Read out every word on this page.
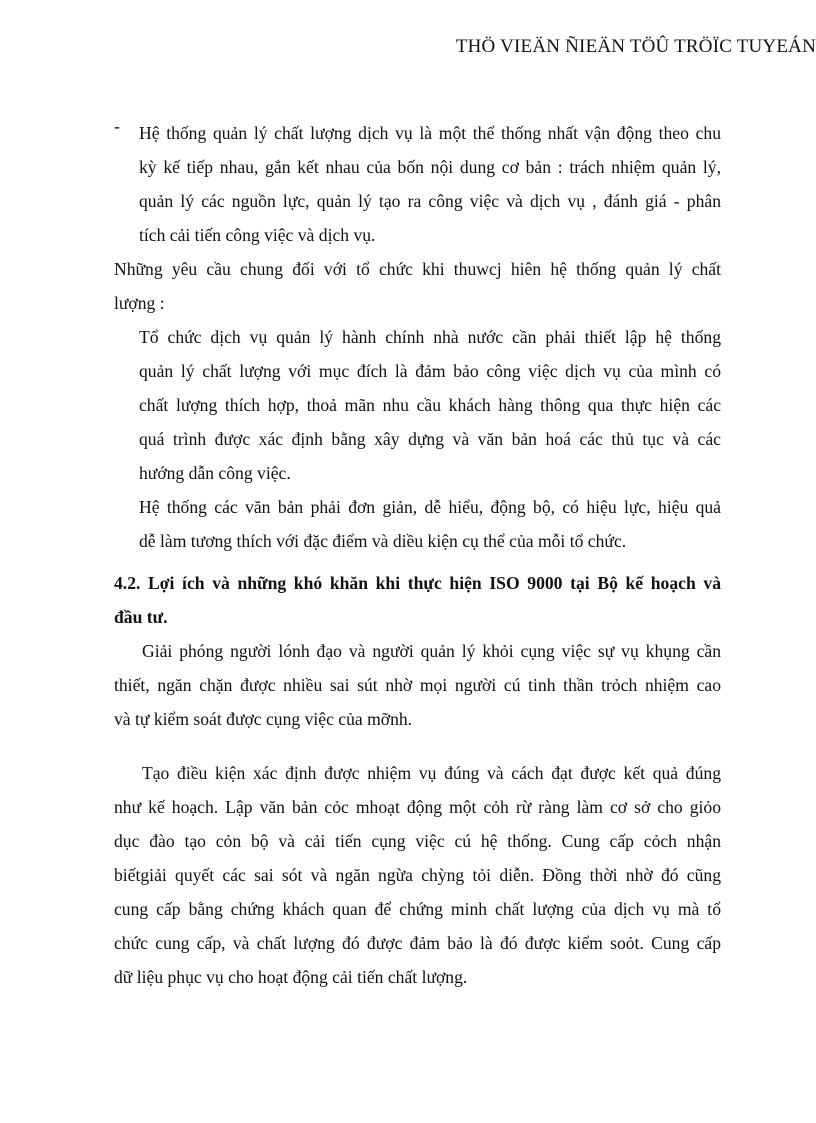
THÖ VIEÄN ÑIEÄN TÖÛ TRÖÏC TUYEÁN
- Hệ thống quản lý chất lượng dịch vụ là một thể thống nhất vận động theo chu
kỳ kế tiếp nhau, gắn kết nhau của bốn nội dung cơ bản : trách nhiệm quản lý,
quản lý các nguồn lực, quản lý tạo ra công việc và dịch vụ , đánh giá - phân
tích cải tiến công việc và dịch vụ.
Những yêu cầu chung đối với tổ chức khi thuwcj hiên hệ thống quản lý chất
lượng :
Tổ chức dịch vụ quản lý hành chính nhà nước cần phải thiết lập hệ thống
quản lý chất lượng với mục đích là đảm bảo công việc dịch vụ của mình có
chất lượng thích hợp, thoả mãn nhu cầu khách hàng thông qua thực hiện các
quá trình được xác định bằng xây dựng và văn bản hoá các thủ tục và các
hướng dẫn công việc.
Hệ thống các văn bản phải đơn giản, dễ hiểu, động bộ, có hiệu lực, hiệu quả
dễ làm tương thích với đặc điểm và diều kiện cụ thể của mỗi tổ chức.
4.2. Lợi ích và những khó khăn khi thực hiện ISO 9000 tại Bộ kế hoạch và
đầu tư.
Giải phóng người lónh đạo và người quản lý khỏi cụng việc sự vụ khụng cần
thiết, ngăn chặn được nhiều sai sút nhờ mọi người cú tinh thần trỏch nhiệm cao
và tự kiểm soát được cụng việc của mỡnh.
Tạo điều kiện xác định được nhiệm vụ đúng và cách đạt được kết quả đúng
như kế hoạch. Lập văn bản cỏc mhoạt động một cỏh rừ ràng làm cơ sở cho giỏo
dục đào tạo cỏn bộ và cải tiến cụng việc cú hệ thống. Cung cấp cỏch nhận
biếtgiải quyết các sai sót và ngăn ngừa chỳng tỏi diễn. Đồng thời nhờ đó cũng
cung cấp bằng chứng khách quan để chứng minh chất lượng của dịch vụ mà tổ
chức cung cấp, và chất lượng đó được đảm bảo là đó được kiểm soỏt. Cung cấp
dữ liệu phục vụ cho hoạt động cải tiến chất lượng.
